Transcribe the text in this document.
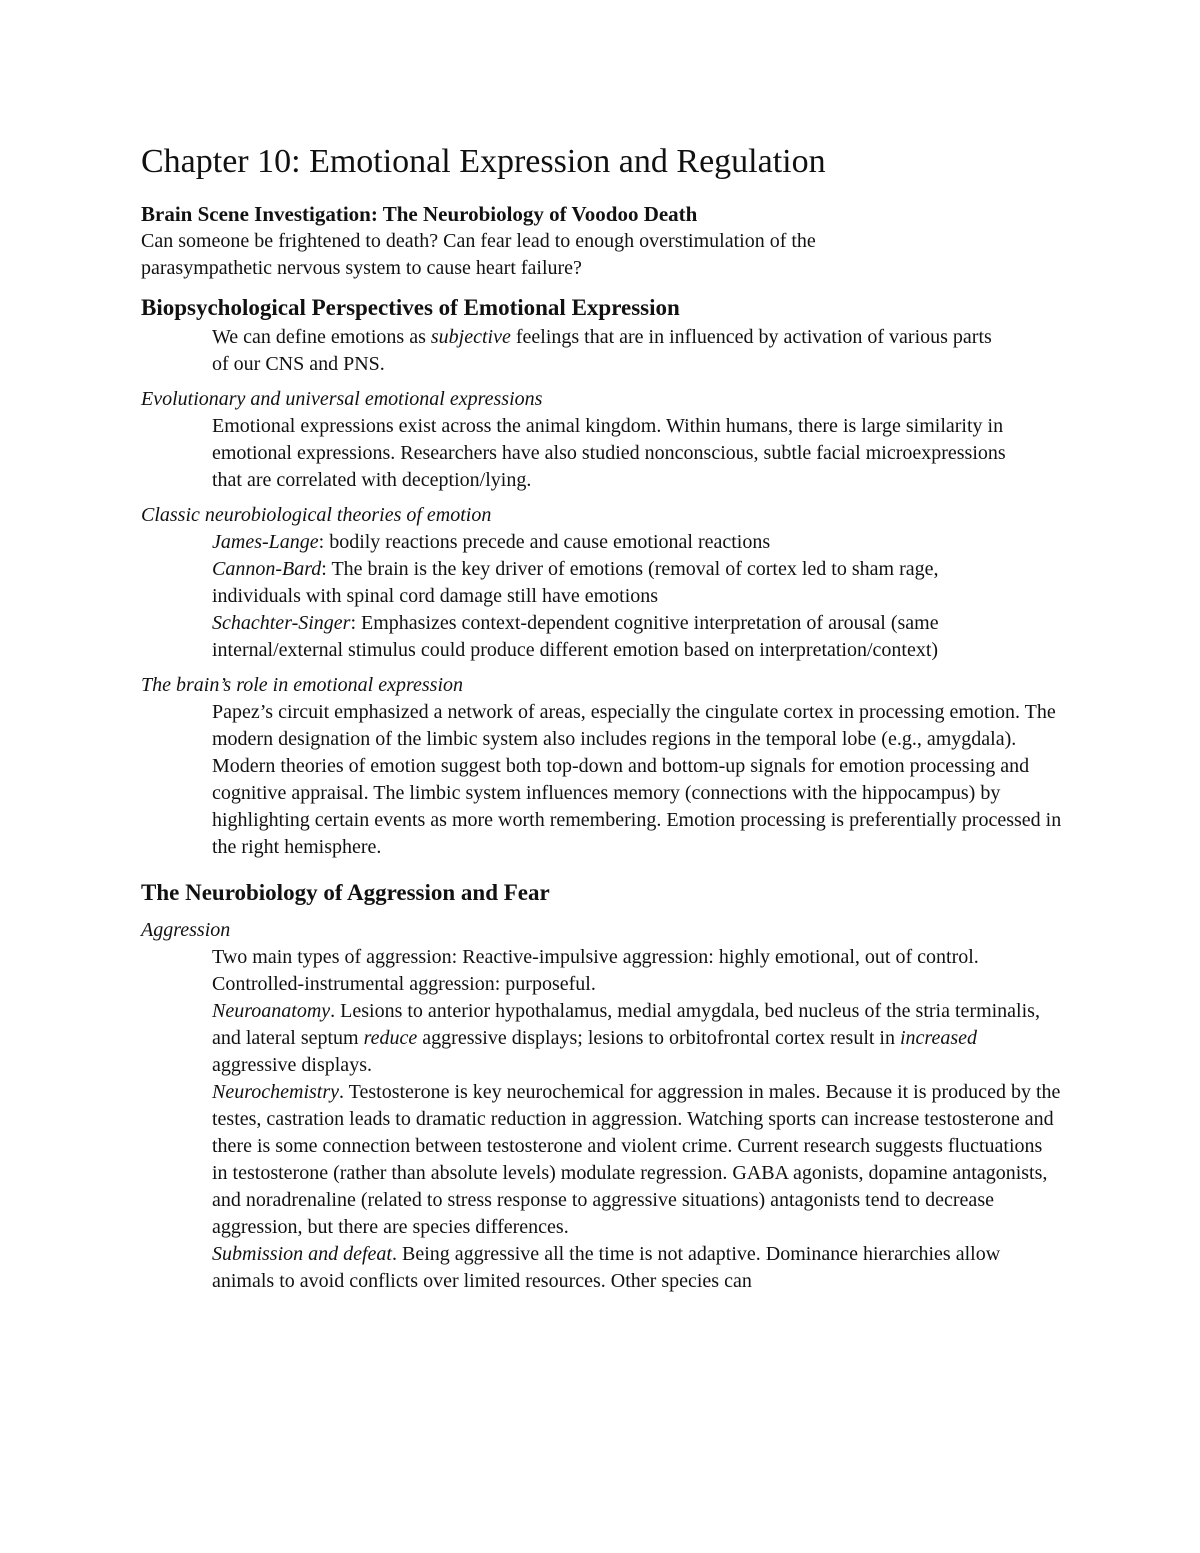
Chapter 10: Emotional Expression and Regulation
Brain Scene Investigation: The Neurobiology of Voodoo Death

Can someone be frightened to death? Can fear lead to enough overstimulation of the parasympathetic nervous system to cause heart failure?

Biopsychological Perspectives of Emotional Expression

We can define emotions as subjective feelings that are in influenced by activation of various parts of our CNS and PNS.

Evolutionary and universal emotional expressions

Emotional expressions exist across the animal kingdom. Within humans, there is large similarity in emotional expressions. Researchers have also studied nonconscious, subtle facial microexpressions that are correlated with deception/lying.

Classic neurobiological theories of emotion

James-Lange: bodily reactions precede and cause emotional reactions

Cannon-Bard: The brain is the key driver of emotions (removal of cortex led to sham rage, individuals with spinal cord damage still have emotions

Schachter-Singer: Emphasizes context-dependent cognitive interpretation of arousal (same internal/external stimulus could produce different emotion based on interpretation/context)

The brain’s role in emotional expression

Papez’s circuit emphasized a network of areas, especially the cingulate cortex in processing emotion. The modern designation of the limbic system also includes regions in the temporal lobe (e.g., amygdala). Modern theories of emotion suggest both top-down and bottom-up signals for emotion processing and cognitive appraisal. The limbic system influences memory (connections with the hippocampus) by highlighting certain events as more worth remembering. Emotion processing is preferentially processed in the right hemisphere.

The Neurobiology of Aggression and Fear

Aggression

Two main types of aggression: Reactive-impulsive aggression: highly emotional, out of control. Controlled-instrumental aggression: purposeful.

Neuroanatomy. Lesions to anterior hypothalamus, medial amygdala, bed nucleus of the stria terminalis, and lateral septum reduce aggressive displays; lesions to orbitofrontal cortex result in increased aggressive displays.

Neurochemistry. Testosterone is key neurochemical for aggression in males. Because it is produced by the testes, castration leads to dramatic reduction in aggression. Watching sports can increase testosterone and there is some connection between testosterone and violent crime. Current research suggests fluctuations in testosterone (rather than absolute levels) modulate regression. GABA agonists, dopamine antagonists, and noradrenaline (related to stress response to aggressive situations) antagonists tend to decrease aggression, but there are species differences.

Submission and defeat. Being aggressive all the time is not adaptive. Dominance hierarchies allow animals to avoid conflicts over limited resources. Other species can
